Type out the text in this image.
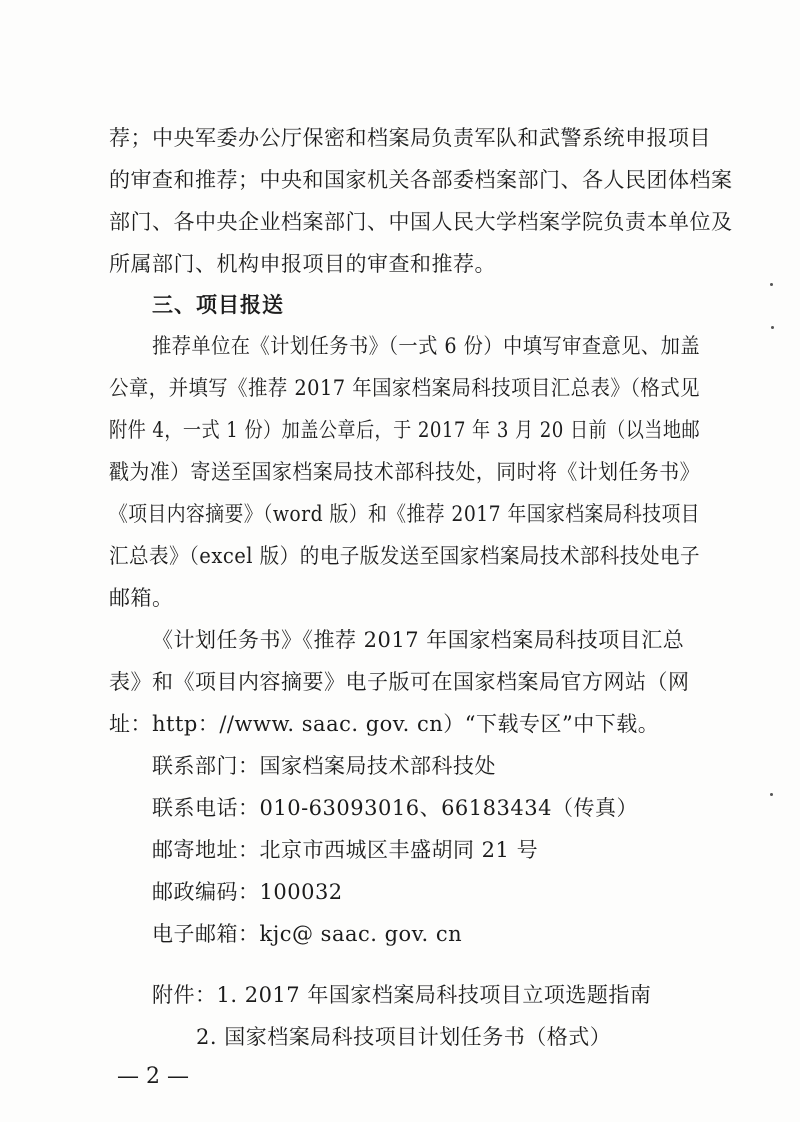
荐；中央军委办公厅保密和档案局负责军队和武警系统申报项目
的审查和推荐；中央和国家机关各部委档案部门、各人民团体档案
部门、各中央企业档案部门、中国人民大学档案学院负责本单位及
所属部门、机构申报项目的审查和推荐。
三、项目报送
推荐单位在《计划任务书》（一式 6 份）中填写审查意见、加盖
公章，并填写《推荐 2017 年国家档案局科技项目汇总表》（格式见
附件 4，一式 1 份）加盖公章后，于 2017 年 3 月 20 日前（以当地邮
戳为准）寄送至国家档案局技术部科技处，同时将《计划任务书》
《项目内容摘要》（word 版）和《推荐 2017 年国家档案局科技项目
汇总表》（excel 版）的电子版发送至国家档案局技术部科技处电子
邮箱。
《计划任务书》《推荐 2017 年国家档案局科技项目汇总
表》和《项目内容摘要》电子版可在国家档案局官方网站（网
址：http：//www. saac. gov. cn）“下载专区”中下载。
联系部门：国家档案局技术部科技处
联系电话：010-63093016、66183434（传真）
邮寄地址：北京市西城区丰盛胡同 21 号
邮政编码：100032
电子邮箱：kjc@ saac. gov. cn
附件：1. 2017 年国家档案局科技项目立项选题指南
2. 国家档案局科技项目计划任务书（格式）
— 2 —
